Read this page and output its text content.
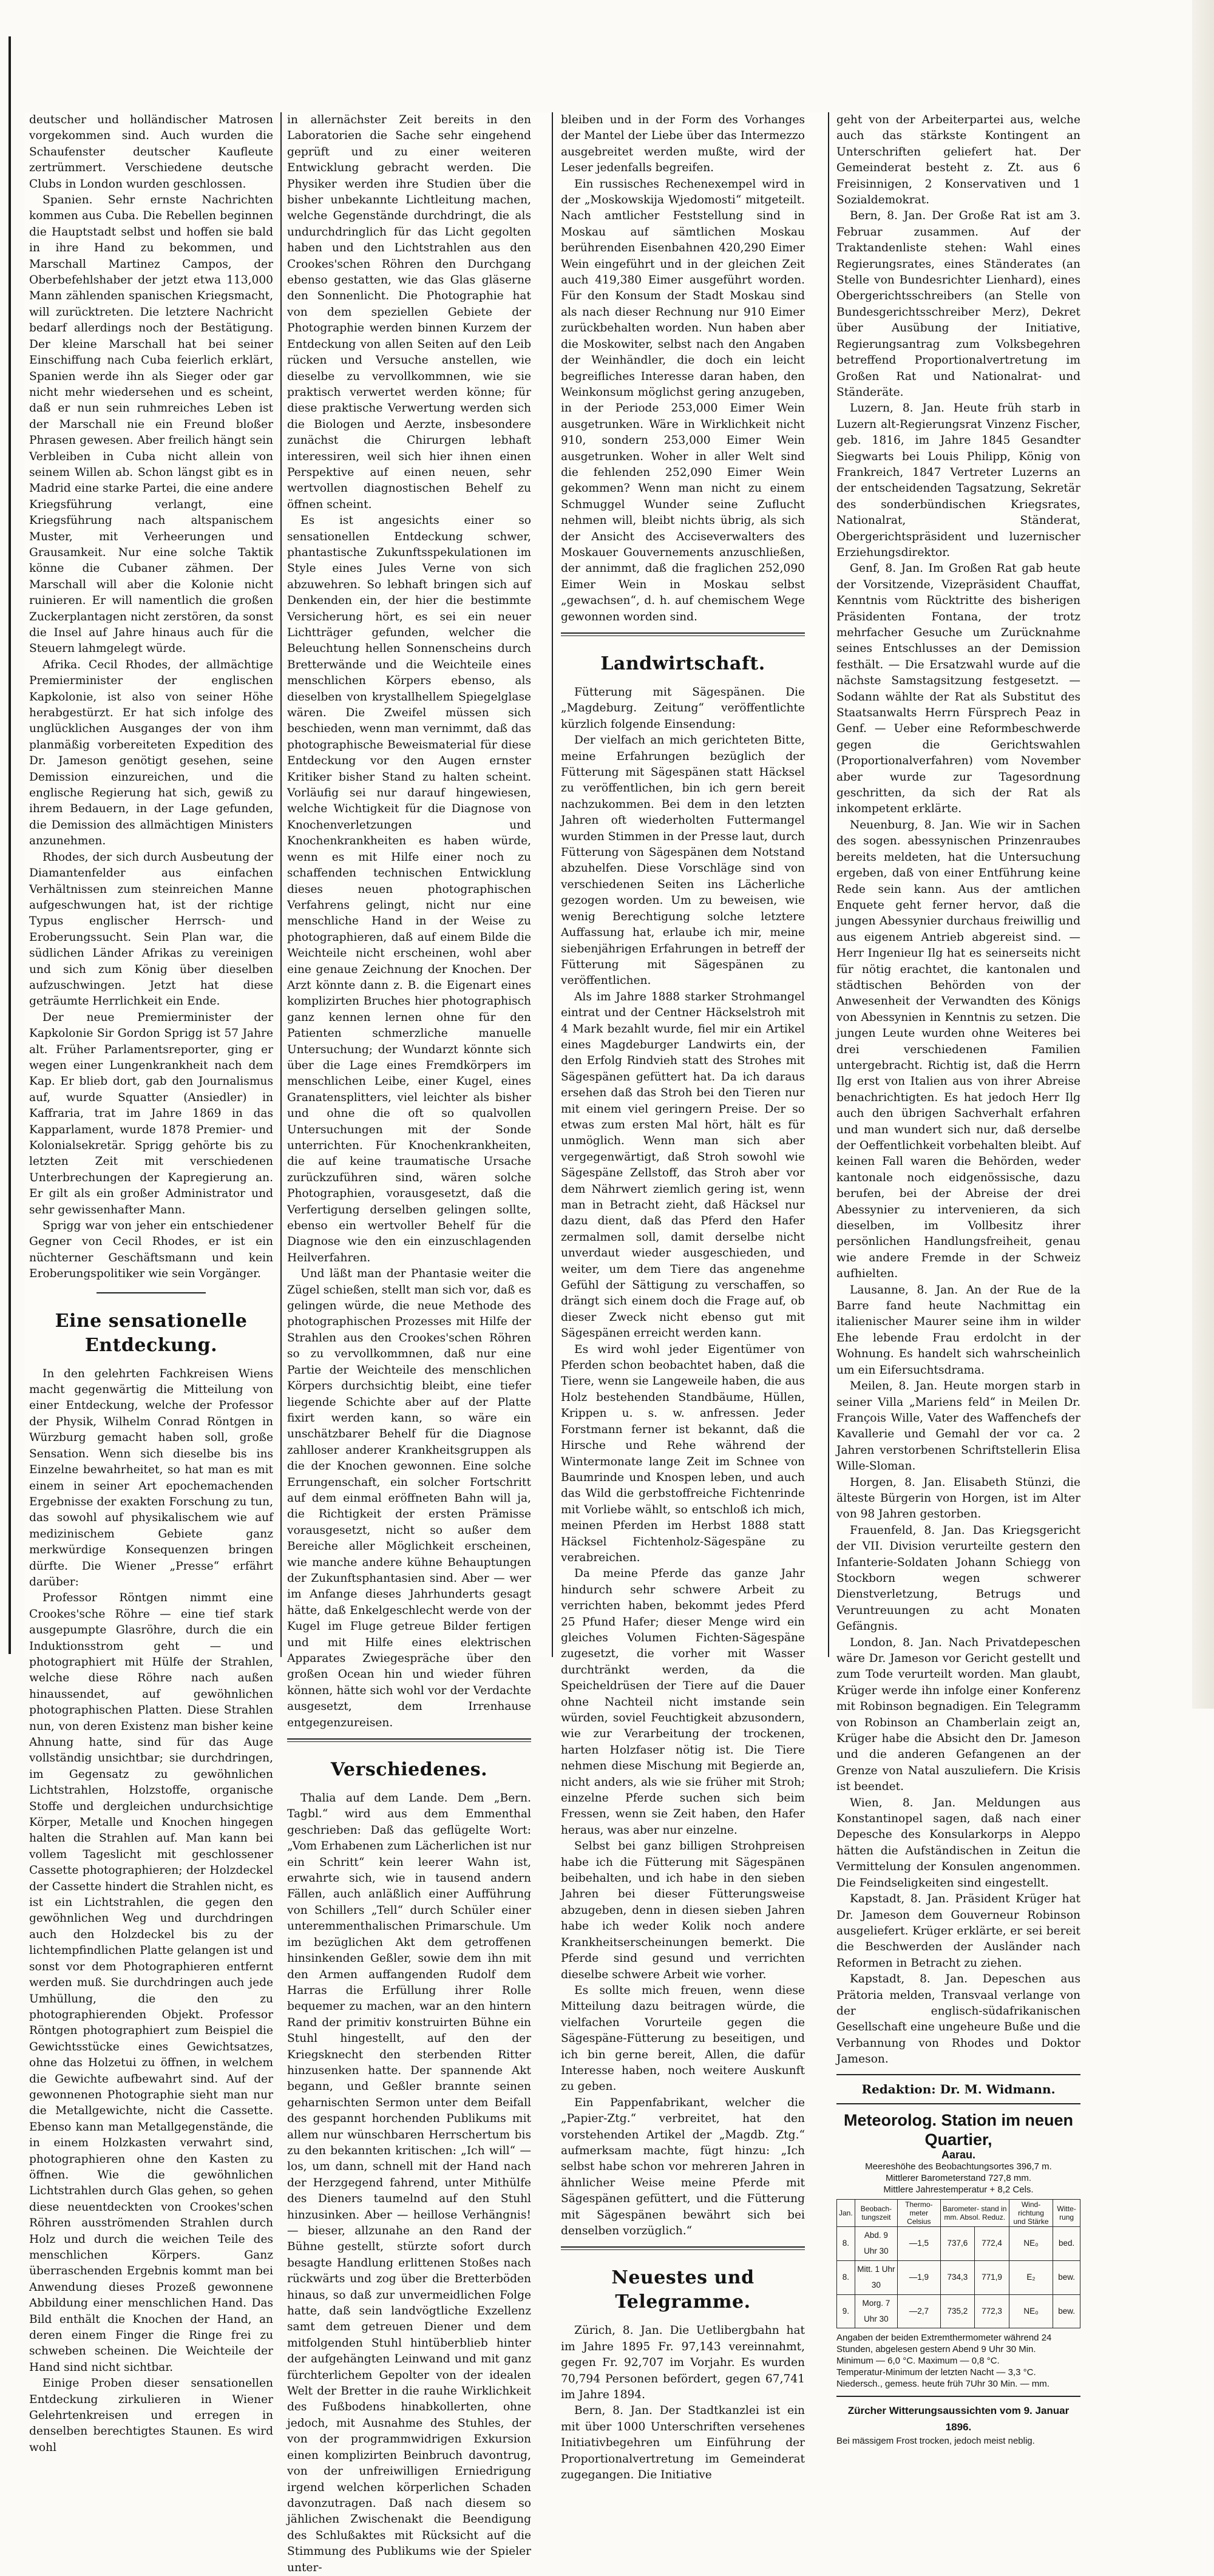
deutscher und holländischer Matrosen vorgekommen sind. Auch wurden die Schaufenster deutscher Kaufleute zertrümmert. Verschiedene deutsche Clubs in London wurden geschlossen.

Spanien. Sehr ernste Nachrichten kommen aus Cuba. Die Rebellen beginnen die Hauptstadt selbst und hoffen sie bald in ihre Hand zu bekommen, und Marschall Martinez Campos, der Oberbefehlshaber der jetzt etwa 113,000 Mann zählenden spanischen Kriegsmacht, will zurücktreten. Die letztere Nachricht bedarf allerdings noch der Bestätigung. Der kleine Marschall hat bei seiner Einschiffung nach Cuba feierlich erklärt, Spanien werde ihn als Sieger oder gar nicht mehr wiedersehen und es scheint, daß er nun sein ruhmreiches Leben ist der Marschall nie ein Freund bloßer Phrasen gewesen. Aber freilich hängt sein Verbleiben in Cuba nicht allein von seinem Willen ab. Schon längst gibt es in Madrid eine starke Partei, die eine andere Kriegsführung verlangt, eine Kriegsführung nach altspanischem Muster, mit Verheerungen und Grausamkeit. Nur eine solche Taktik könne die Cubaner zähmen. Der Marschall will aber die Kolonie nicht ruinieren. Er will namentlich die großen Zuckerplantagen nicht zerstören, da sonst die Insel auf Jahre hinaus auch für die Steuern lahmgelegt würde.

Afrika. Cecil Rhodes, der allmächtige Premierminister der englischen Kapkolonie, ist also von seiner Höhe herabgestürzt. Er hat sich infolge des unglücklichen Ausganges der von ihm planmäßig vorbereiteten Expedition des Dr. Jameson genötigt gesehen, seine Demission einzureichen, und die englische Regierung hat sich, gewiß zu ihrem Bedauern, in der Lage gefunden, die Demission des allmächtigen Ministers anzunehmen.

Rhodes, der sich durch Ausbeutung der Diamantenfelder aus einfachen Verhältnissen zum steinreichen Manne aufgeschwungen hat, ist der richtige Typus englischer Herrsch- und Eroberungssucht. Sein Plan war, die südlichen Länder Afrikas zu vereinigen und sich zum König über dieselben aufzuschwingen. Jetzt hat diese geträumte Herrlichkeit ein Ende.

Der neue Premierminister der Kapkolonie Sir Gordon Sprigg ist 57 Jahre alt. Früher Parlamentsreporter, ging er wegen einer Lungenkrankheit nach dem Kap. Er blieb dort, gab den Journalismus auf, wurde Squatter (Ansiedler) in Kaffraria, trat im Jahre 1869 in das Kapparlament, wurde 1878 Premier- und Kolonialsekretär. Sprigg gehörte bis zu letzten Zeit mit verschiedenen Unterbrechungen der Kapregierung an. Er gilt als ein großer Administrator und sehr gewissenhafter Mann.

Sprigg war von jeher ein entschiedener Gegner von Cecil Rhodes, er ist ein nüchterner Geschäftsmann und kein Eroberungspolitiker wie sein Vorgänger.

Eine sensationelle Entdeckung.

In den gelehrten Fachkreisen Wiens macht gegenwärtig die Mitteilung von einer Entdeckung, welche der Professor der Physik, Wilhelm Conrad Röntgen in Würzburg gemacht haben soll, große Sensation. Wenn sich dieselbe bis ins Einzelne bewahrheitet, so hat man es mit einem in seiner Art epochemachenden Ergebnisse der exakten Forschung zu tun, das sowohl auf physikalischem wie auf medizinischem Gebiete ganz merkwürdige Konsequenzen bringen dürfte. Die Wiener „Presse“ erfährt darüber:

Professor Röntgen nimmt eine Crookes'sche Röhre — eine tief stark ausgepumpte Glasröhre, durch die ein Induktionsstrom geht — und photographiert mit Hülfe der Strahlen, welche diese Röhre nach außen hinaussendet, auf gewöhnlichen photographischen Platten. Diese Strahlen nun, von deren Existenz man bisher keine Ahnung hatte, sind für das Auge vollständig unsichtbar; sie durchdringen, im Gegensatz zu gewöhnlichen Lichtstrahlen, Holzstoffe, organische Stoffe und dergleichen undurchsichtige Körper, Metalle und Knochen hingegen halten die Strahlen auf. Man kann bei vollem Tageslicht mit geschlossener Cassette photographieren; der Holzdeckel der Cassette hindert die Strahlen nicht, es ist ein Lichtstrahlen, die gegen den gewöhnlichen Weg und durchdringen auch den Holzdeckel bis zu der lichtempfindlichen Platte gelangen ist und sonst vor dem Photographieren entfernt werden muß. Sie durchdringen auch jede Umhüllung, die den zu photographierenden Objekt. Professor Röntgen photographiert zum Beispiel die Gewichtsstücke eines Gewichtsatzes, ohne das Holzetui zu öffnen, in welchem die Gewichte aufbewahrt sind. Auf der gewonnenen Photographie sieht man nur die Metallgewichte, nicht die Cassette. Ebenso kann man Metallgegenstände, die in einem Holzkasten verwahrt sind, photographieren ohne den Kasten zu öffnen. Wie die gewöhnlichen Lichtstrahlen durch Glas gehen, so gehen diese neuentdeckten von Crookes'schen Röhren ausströmenden Strahlen durch Holz und durch die weichen Teile des menschlichen Körpers. Ganz überraschenden Ergebnis kommt man bei Anwendung dieses Prozeß gewonnene Abbildung einer menschlichen Hand. Das Bild enthält die Knochen der Hand, an deren einem Finger die Ringe frei zu schweben scheinen. Die Weichteile der Hand sind nicht sichtbar.

Einige Proben dieser sensationellen Entdeckung zirkulieren in Wiener Gelehrtenkreisen und erregen in denselben berechtigtes Staunen. Es wird wohl

in allernächster Zeit bereits in den Laboratorien die Sache sehr eingehend geprüft und zu einer weiteren Entwicklung gebracht werden. Die Physiker werden ihre Studien über die bisher unbekannte Lichtleitung machen, welche Gegenstände durchdringt, die als undurchdringlich für das Licht gegolten haben und den Lichtstrahlen aus den Crookes'schen Röhren den Durchgang ebenso gestatten, wie das Glas gläserne den Sonnenlicht. Die Photographie hat von dem speziellen Gebiete der Photographie werden binnen Kurzem der Entdeckung von allen Seiten auf den Leib rücken und Versuche anstellen, wie dieselbe zu vervollkommnen, wie sie praktisch verwertet werden könne; für diese praktische Verwertung werden sich die Biologen und Aerzte, insbesondere zunächst die Chirurgen lebhaft interessiren, weil sich hier ihnen einen Perspektive auf einen neuen, sehr wertvollen diagnostischen Behelf zu öffnen scheint.

Es ist angesichts einer so sensationellen Entdeckung schwer, phantastische Zukunftsspekulationen im Style eines Jules Verne von sich abzuwehren. So lebhaft bringen sich auf Denkenden ein, der hier die bestimmte Versicherung hört, es sei ein neuer Lichtträger gefunden, welcher die Beleuchtung hellen Sonnenscheins durch Bretterwände und die Weichteile eines menschlichen Körpers ebenso, als dieselben von krystallhellem Spiegelglase wären. Die Zweifel müssen sich beschieden, wenn man vernimmt, daß das photographische Beweismaterial für diese Entdeckung vor den Augen ernster Kritiker bisher Stand zu halten scheint. Vorläufig sei nur darauf hingewiesen, welche Wichtigkeit für die Diagnose von Knochenverletzungen und Knochenkrankheiten es haben würde, wenn es mit Hilfe einer noch zu schaffenden technischen Entwicklung dieses neuen photographischen Verfahrens gelingt, nicht nur eine menschliche Hand in der Weise zu photographieren, daß auf einem Bilde die Weichteile nicht erscheinen, wohl aber eine genaue Zeichnung der Knochen. Der Arzt könnte dann z. B. die Eigenart eines komplizirten Bruches hier photographisch ganz kennen lernen ohne für den Patienten schmerzliche manuelle Untersuchung; der Wundarzt könnte sich über die Lage eines Fremdkörpers im menschlichen Leibe, einer Kugel, eines Granatensplitters, viel leichter als bisher und ohne die oft so qualvollen Untersuchungen mit der Sonde unterrichten. Für Knochenkrankheiten, die auf keine traumatische Ursache zurückzuführen sind, wären solche Photographien, vorausgesetzt, daß die Verfertigung derselben gelingen sollte, ebenso ein wertvoller Behelf für die Diagnose wie den ein einzuschlagenden Heilverfahren.

Und läßt man der Phantasie weiter die Zügel schießen, stellt man sich vor, daß es gelingen würde, die neue Methode des photographischen Prozesses mit Hilfe der Strahlen aus den Crookes'schen Röhren so zu vervollkommnen, daß nur eine Partie der Weichteile des menschlichen Körpers durchsichtig bleibt, eine tiefer liegende Schichte aber auf der Platte fixirt werden kann, so wäre ein unschätzbarer Behelf für die Diagnose zahlloser anderer Krankheitsgruppen als die der Knochen gewonnen. Eine solche Errungenschaft, ein solcher Fortschritt auf dem einmal eröffneten Bahn will ja, die Richtigkeit der ersten Prämisse vorausgesetzt, nicht so außer dem Bereiche aller Möglichkeit erscheinen, wie manche andere kühne Behauptungen der Zukunftsphantasien sind. Aber — wer im Anfange dieses Jahrhunderts gesagt hätte, daß Enkelgeschlecht werde von der Kugel im Fluge getreue Bilder fertigen und mit Hilfe eines elektrischen Apparates Zwiegespräche über den großen Ocean hin und wieder führen können, hätte sich wohl vor der Verdachte ausgesetzt, dem Irrenhause entgegenzureisen.

Verschiedenes.

Thalia auf dem Lande. Dem „Bern. Tagbl.“ wird aus dem Emmenthal geschrieben: Daß das geflügelte Wort: „Vom Erhabenen zum Lächerlichen ist nur ein Schritt“ kein leerer Wahn ist, erwahrte sich, wie in tausend andern Fällen, auch anläßlich einer Aufführung von Schillers „Tell“ durch Schüler einer unteremmenthalischen Primarschule. Um im bezüglichen Akt dem getroffenen hinsinkenden Geßler, sowie dem ihn mit den Armen auffangenden Rudolf dem Harras die Erfüllung ihrer Rolle bequemer zu machen, war an den hintern Rand der primitiv konstruirten Bühne ein Stuhl hingestellt, auf den der Kriegsknecht den sterbenden Ritter hinzusenken hatte. Der spannende Akt begann, und Geßler brannte seinen geharnischten Sermon unter dem Beifall des gespannt horchenden Publikums mit allem nur wünschbaren Herrschertum bis zu den bekannten kritischen: „Ich will“ — los, um dann, schnell mit der Hand nach der Herzgegend fahrend, unter Mithülfe des Dieners taumelnd auf den Stuhl hinzusinken. Aber — heillose Verhängnis! — bieser, allzunahe an den Rand der Bühne gestellt, stürzte sofort durch besagte Handlung erlittenen Stoßes nach rückwärts und zog über die Bretterböden hinaus, so daß zur unvermeidlichen Folge hatte, daß sein landvögtliche Exzellenz samt dem getreuen Diener und dem mitfolgenden Stuhl hintüberblieb hinter der aufgehängten Leinwand und mit ganz fürchterlichem Gepolter von der idealen Welt der Bretter in die rauhe Wirklichkeit des Fußbodens hinabkollerten, ohne jedoch, mit Ausnahme des Stuhles, der von der programmwidrigen Exkursion einen komplizirten Beinbruch davontrug, von der unfreiwilligen Erniedrigung irgend welchen körperlichen Schaden davonzutragen. Daß nach diesem so jählichen Zwischenakt die Beendigung des Schlußaktes mit Rücksicht auf die Stimmung des Publikums wie der Spieler unter-

bleiben und in der Form des Vorhanges der Mantel der Liebe über das Intermezzo ausgebreitet werden mußte, wird der Leser jedenfalls begreifen.

Ein russisches Rechenexempel wird in der „Moskowskija Wjedomosti“ mitgeteilt. Nach amtlicher Feststellung sind in Moskau auf sämtlichen Moskau berührenden Eisenbahnen 420,290 Eimer Wein eingeführt und in der gleichen Zeit auch 419,380 Eimer ausgeführt worden. Für den Konsum der Stadt Moskau sind als nach dieser Rechnung nur 910 Eimer zurückbehalten worden. Nun haben aber die Moskowiter, selbst nach den Angaben der Weinhändler, die doch ein leicht begreifliches Interesse daran haben, den Weinkonsum möglichst gering anzugeben, in der Periode 253,000 Eimer Wein ausgetrunken. Wäre in Wirklichkeit nicht 910, sondern 253,000 Eimer Wein ausgetrunken. Woher in aller Welt sind die fehlenden 252,090 Eimer Wein gekommen? Wenn man nicht zu einem Schmuggel Wunder seine Zuflucht nehmen will, bleibt nichts übrig, als sich der Ansicht des Acciseverwalters des Moskauer Gouvernements anzuschließen, der annimmt, daß die fraglichen 252,090 Eimer Wein in Moskau selbst „gewachsen“, d. h. auf chemischem Wege gewonnen worden sind.

Landwirtschaft.

Fütterung mit Sägespänen. Die „Magdeburg. Zeitung“ veröffentlichte kürzlich folgende Einsendung:

Der vielfach an mich gerichteten Bitte, meine Erfahrungen bezüglich der Fütterung mit Sägespänen statt Häcksel zu veröffentlichen, bin ich gern bereit nachzukommen. Bei dem in den letzten Jahren oft wiederholten Futtermangel wurden Stimmen in der Presse laut, durch Fütterung von Sägespänen dem Notstand abzuhelfen. Diese Vorschläge sind von verschiedenen Seiten ins Lächerliche gezogen worden. Um zu beweisen, wie wenig Berechtigung solche letztere Auffassung hat, erlaube ich mir, meine siebenjährigen Erfahrungen in betreff der Fütterung mit Sägespänen zu veröffentlichen.

Als im Jahre 1888 starker Strohmangel eintrat und der Centner Häckselstroh mit 4 Mark bezahlt wurde, fiel mir ein Artikel eines Magdeburger Landwirts ein, der den Erfolg Rindvieh statt des Strohes mit Sägespänen gefüttert hat. Da ich daraus ersehen daß das Stroh bei den Tieren nur mit einem viel geringern Preise. Der so etwas zum ersten Mal hört, hält es für unmöglich. Wenn man sich aber vergegenwärtigt, daß Stroh sowohl wie Sägespäne Zellstoff, das Stroh aber vor dem Nährwert ziemlich gering ist, wenn man in Betracht zieht, daß Häcksel nur dazu dient, daß das Pferd den Hafer zermalmen soll, damit derselbe nicht unverdaut wieder ausgeschieden, und weiter, um dem Tiere das angenehme Gefühl der Sättigung zu verschaffen, so drängt sich einem doch die Frage auf, ob dieser Zweck nicht ebenso gut mit Sägespänen erreicht werden kann.

Es wird wohl jeder Eigentümer von Pferden schon beobachtet haben, daß die Tiere, wenn sie Langeweile haben, die aus Holz bestehenden Standbäume, Hüllen, Krippen u. s. w. anfressen. Jeder Forstmann ferner ist bekannt, daß die Hirsche und Rehe während der Wintermonate lange Zeit im Schnee von Baumrinde und Knospen leben, und auch das Wild die gerbstoffreiche Fichtenrinde mit Vorliebe wählt, so entschloß ich mich, meinen Pferden im Herbst 1888 statt Häcksel Fichtenholz-Sägespäne zu verabreichen.

Da meine Pferde das ganze Jahr hindurch sehr schwere Arbeit zu verrichten haben, bekommt jedes Pferd 25 Pfund Hafer; dieser Menge wird ein gleiches Volumen Fichten-Sägespäne zugesetzt, die vorher mit Wasser durchtränkt werden, da die Speicheldrüsen der Tiere auf die Dauer ohne Nachteil nicht imstande sein würden, soviel Feuchtigkeit abzusondern, wie zur Verarbeitung der trockenen, harten Holzfaser nötig ist. Die Tiere nehmen diese Mischung mit Begierde an, nicht anders, als wie sie früher mit Stroh; einzelne Pferde suchen sich beim Fressen, wenn sie Zeit haben, den Hafer heraus, was aber nur einzelne.

Selbst bei ganz billigen Strohpreisen habe ich die Fütterung mit Sägespänen beibehalten, und ich habe in den sieben Jahren bei dieser Fütterungsweise abzugeben, denn in diesen sieben Jahren habe ich weder Kolik noch andere Krankheitserscheinungen bemerkt. Die Pferde sind gesund und verrichten dieselbe schwere Arbeit wie vorher.

Es sollte mich freuen, wenn diese Mitteilung dazu beitragen würde, die vielfachen Vorurteile gegen die Sägespäne-Fütterung zu beseitigen, und ich bin gerne bereit, Allen, die dafür Interesse haben, noch weitere Auskunft zu geben.

Ein Pappenfabrikant, welcher die „Papier-Ztg.“ verbreitet, hat den vorstehenden Artikel der „Magdb. Ztg.“ aufmerksam machte, fügt hinzu: „Ich selbst habe schon vor mehreren Jahren in ähnlicher Weise meine Pferde mit Sägespänen gefüttert, und die Fütterung mit Sägespänen bewährt sich bei denselben vorzüglich.“

Neuestes und Telegramme.

Zürich, 8. Jan. Die Uetlibergbahn hat im Jahre 1895 Fr. 97,143 vereinnahmt, gegen Fr. 92,707 im Vorjahr. Es wurden 70,794 Personen befördert, gegen 67,741 im Jahre 1894.

Bern, 8. Jan. Der Stadtkanzlei ist ein mit über 1000 Unterschriften versehenes Initiativbegehren um Einführung der Proportionalvertretung im Gemeinderat zugegangen. Die Initiative

geht von der Arbeiterpartei aus, welche auch das stärkste Kontingent an Unterschriften geliefert hat. Der Gemeinderat besteht z. Zt. aus 6 Freisinnigen, 2 Konservativen und 1 Sozialdemokrat.

Bern, 8. Jan. Der Große Rat ist am 3. Februar zusammen. Auf der Traktandenliste stehen: Wahl eines Regierungsrates, eines Ständerates (an Stelle von Bundesrichter Lienhard), eines Obergerichtsschreibers (an Stelle von Bundesgerichtsschreiber Merz), Dekret über Ausübung der Initiative, Regierungsantrag zum Volksbegehren betreffend Proportionalvertretung im Großen Rat und Nationalrat- und Ständeräte.

Luzern, 8. Jan. Heute früh starb in Luzern alt-Regierungsrat Vinzenz Fischer, geb. 1816, im Jahre 1845 Gesandter Siegwarts bei Louis Philipp, König von Frankreich, 1847 Vertreter Luzerns an der entscheidenden Tagsatzung, Sekretär des sonderbündischen Kriegsrates, Nationalrat, Ständerat, Obergerichtspräsident und luzernischer Erziehungsdirektor.

Genf, 8. Jan. Im Großen Rat gab heute der Vorsitzende, Vizepräsident Chauffat, Kenntnis vom Rücktritte des bisherigen Präsidenten Fontana, der trotz mehrfacher Gesuche um Zurücknahme seines Entschlusses an der Demission festhält. — Die Ersatzwahl wurde auf die nächste Samstagsitzung festgesetzt. — Sodann wählte der Rat als Substitut des Staatsanwalts Herrn Fürsprech Peaz in Genf. — Ueber eine Reformbeschwerde gegen die Gerichtswahlen (Proportionalverfahren) vom November aber wurde zur Tagesordnung geschritten, da sich der Rat als inkompetent erklärte.

Neuenburg, 8. Jan. Wie wir in Sachen des sogen. abessynischen Prinzenraubes bereits meldeten, hat die Untersuchung ergeben, daß von einer Entführung keine Rede sein kann. Aus der amtlichen Enquete geht ferner hervor, daß die jungen Abessynier durchaus freiwillig und aus eigenem Antrieb abgereist sind. — Herr Ingenieur Ilg hat es seinerseits nicht für nötig erachtet, die kantonalen und städtischen Behörden von der Anwesenheit der Verwandten des Königs von Abessynien in Kenntnis zu setzen. Die jungen Leute wurden ohne Weiteres bei drei verschiedenen Familien untergebracht. Richtig ist, daß die Herrn Ilg erst von Italien aus von ihrer Abreise benachrichtigten. Es hat jedoch Herr Ilg auch den übrigen Sachverhalt erfahren und man wundert sich nur, daß derselbe der Oeffentlichkeit vorbehalten bleibt. Auf keinen Fall waren die Behörden, weder kantonale noch eidgenössische, dazu berufen, bei der Abreise der drei Abessynier zu intervenieren, da sich dieselben, im Vollbesitz ihrer persönlichen Handlungsfreiheit, genau wie andere Fremde in der Schweiz aufhielten.

Lausanne, 8. Jan. An der Rue de la Barre fand heute Nachmittag ein italienischer Maurer seine ihm in wilder Ehe lebende Frau erdolcht in der Wohnung. Es handelt sich wahrscheinlich um ein Eifersuchtsdrama.

Meilen, 8. Jan. Heute morgen starb in seiner Villa „Mariens feld“ in Meilen Dr. François Wille, Vater des Waffenchefs der Kavallerie und Gemahl der vor ca. 2 Jahren verstorbenen Schriftstellerin Elisa Wille-Sloman.

Horgen, 8. Jan. Elisabeth Stünzi, die älteste Bürgerin von Horgen, ist im Alter von 98 Jahren gestorben.

Frauenfeld, 8. Jan. Das Kriegsgericht der VII. Division verurteilte gestern den Infanterie-Soldaten Johann Schiegg von Stockborn wegen schwerer Dienstverletzung, Betrugs und Veruntreuungen zu acht Monaten Gefängnis.

London, 8. Jan. Nach Privatdepeschen wäre Dr. Jameson vor Gericht gestellt und zum Tode verurteilt worden. Man glaubt, Krüger werde ihn infolge einer Konferenz mit Robinson begnadigen. Ein Telegramm von Robinson an Chamberlain zeigt an, Krüger habe die Absicht den Dr. Jameson und die anderen Gefangenen an der Grenze von Natal auszuliefern. Die Krisis ist beendet.

Wien, 8. Jan. Meldungen aus Konstantinopel sagen, daß nach einer Depesche des Konsularkorps in Aleppo hätten die Aufständischen in Zeitun die Vermittelung der Konsulen angenommen. Die Feindseligkeiten sind eingestellt.

Kapstadt, 8. Jan. Präsident Krüger hat Dr. Jameson dem Gouverneur Robinson ausgeliefert. Krüger erklärte, er sei bereit die Beschwerden der Ausländer nach Reformen in Betracht zu ziehen.

Kapstadt, 8. Jan. Depeschen aus Prätoria melden, Transvaal verlange von der englisch-südafrikanischen Gesellschaft eine ungeheure Buße und die Verbannung von Rhodes und Doktor Jameson.

Redaktion: Dr. M. Widmann.
Meteorolog. Station im neuen Quartier,
Aarau.
Meereshöhe des Beobachtungsortes 396,7 m.
Mittlerer Barometerstand 727,8 mm.
Mittlere Jahrestemperatur + 8,2 Cels.
Jan.	Beobach- tungszeit	Thermo- meter Celsius	Barometer- stand in mm. Absol. Reduz.		Wind- richtung und Stärke	Witte- rung
8.	Abd. 9 Uhr 30	—1,5	737,6	772,4	NE₀	bed.
8.	Mitt. 1 Uhr 30	—1,9	734,3	771,9	E₂	bew.
9.	Morg. 7 Uhr 30	—2,7	735,2	772,3	NE₀	bew.
Angaben der beiden Extremthermometer während 24 Stunden, abgelesen gestern Abend 9 Uhr 30 Min.
Minimum — 6,0 °C. Maximum — 0,8 °C.
Temperatur-Minimum der letzten Nacht — 3,3 °C.
Niedersch., gemess. heute früh 7Uhr 30 Min. — mm.
Zürcher Witterungsaussichten vom 9. Januar 1896.
Bei mässigem Frost trocken, jedoch meist neblig.
